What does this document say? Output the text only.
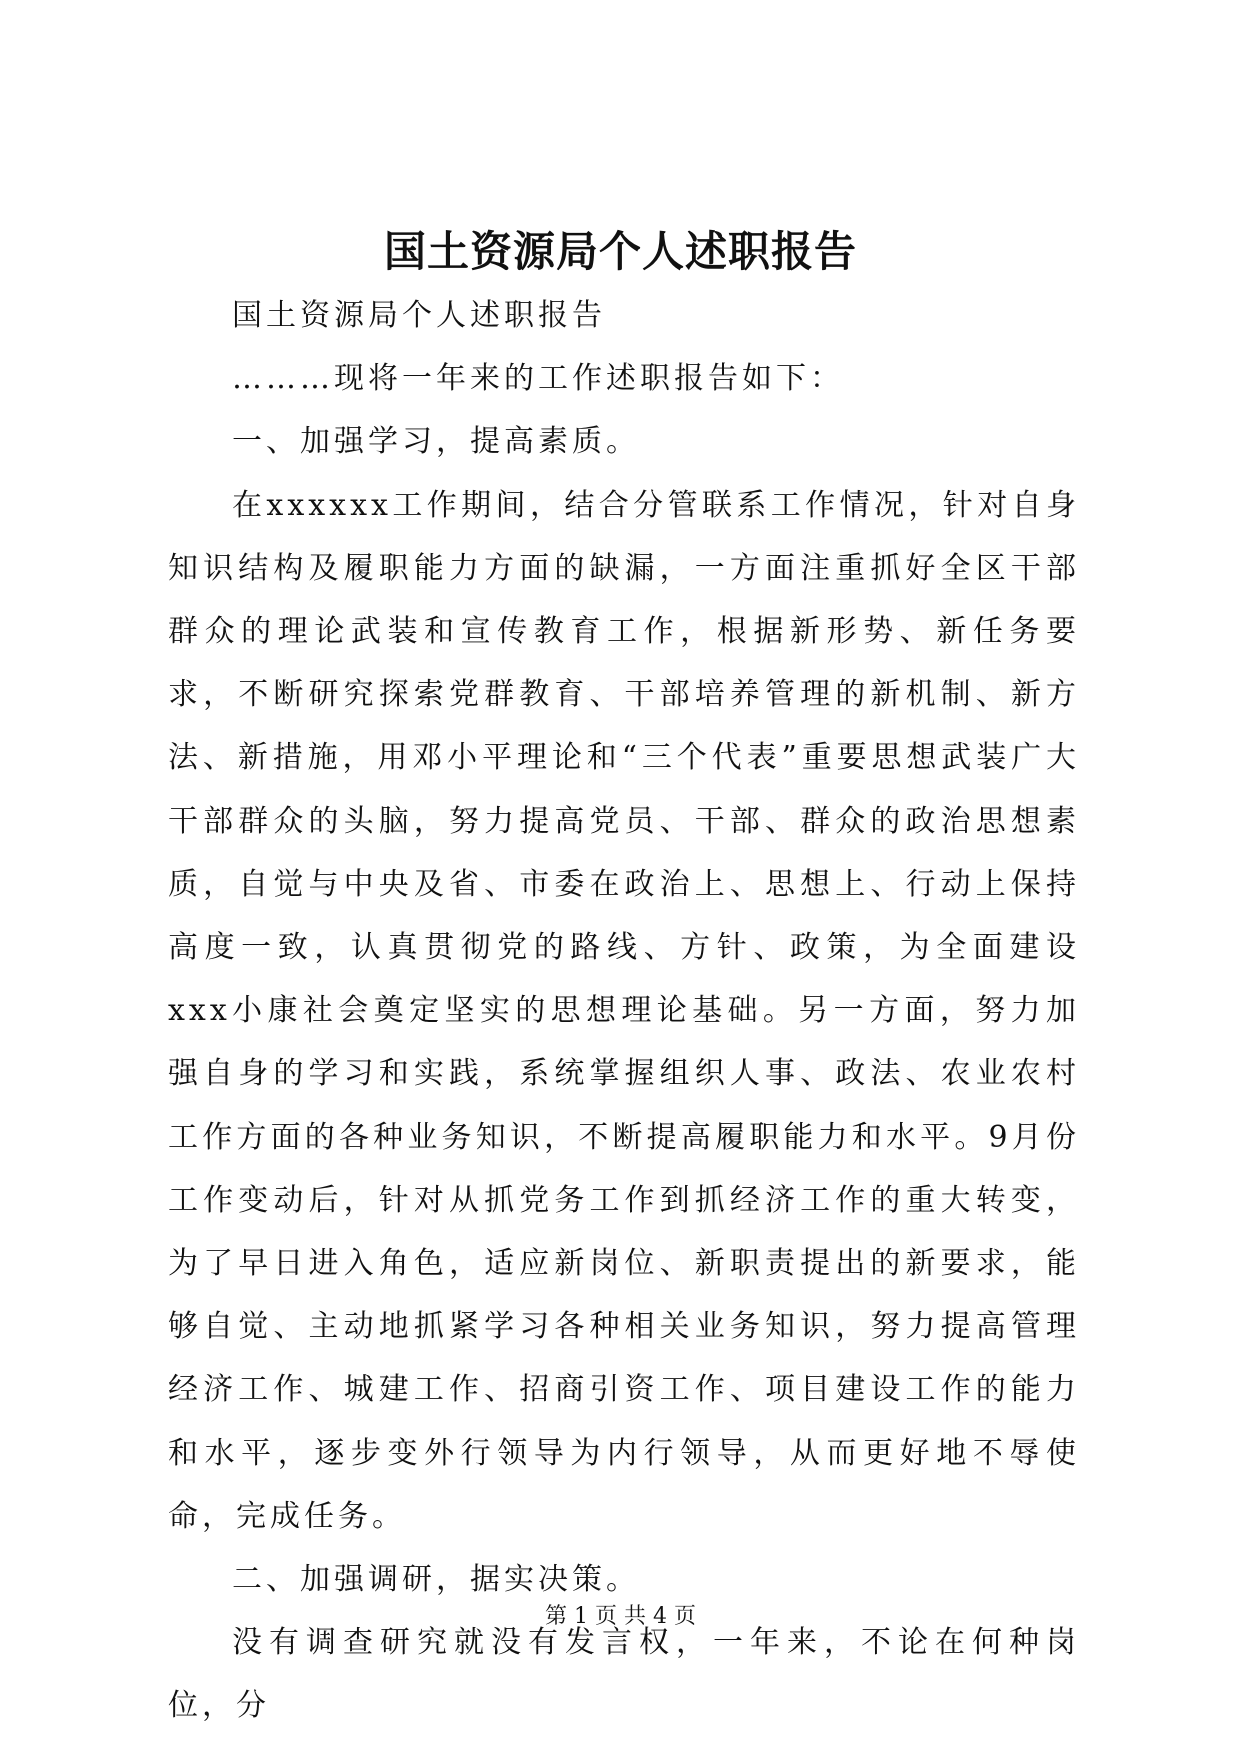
国土资源局个人述职报告

国土资源局个人述职报告

………现将一年来的工作述职报告如下：

一、加强学习，提高素质。

在xxxxxx工作期间，结合分管联系工作情况，针对自身知识结构及履职能力方面的缺漏，一方面注重抓好全区干部群众的理论武装和宣传教育工作，根据新形势、新任务要求，不断研究探索党群教育、干部培养管理的新机制、新方法、新措施，用邓小平理论和“三个代表”重要思想武装广大干部群众的头脑，努力提高党员、干部、群众的政治思想素质，自觉与中央及省、市委在政治上、思想上、行动上保持高度一致，认真贯彻党的路线、方针、政策，为全面建设xxx小康社会奠定坚实的思想理论基础。另一方面，努力加强自身的学习和实践，系统掌握组织人事、政法、农业农村工作方面的各种业务知识，不断提高履职能力和水平。9月份工作变动后，针对从抓党务工作到抓经济工作的重大转变，为了早日进入角色，适应新岗位、新职责提出的新要求，能够自觉、主动地抓紧学习各种相关业务知识，努力提高管理经济工作、城建工作、招商引资工作、项目建设工作的能力和水平，逐步变外行领导为内行领导，从而更好地不辱使命，完成任务。

二、加强调研，据实决策。

没有调查研究就没有发言权，一年来，不论在何种岗位，分

第 1 页 共 4 页
